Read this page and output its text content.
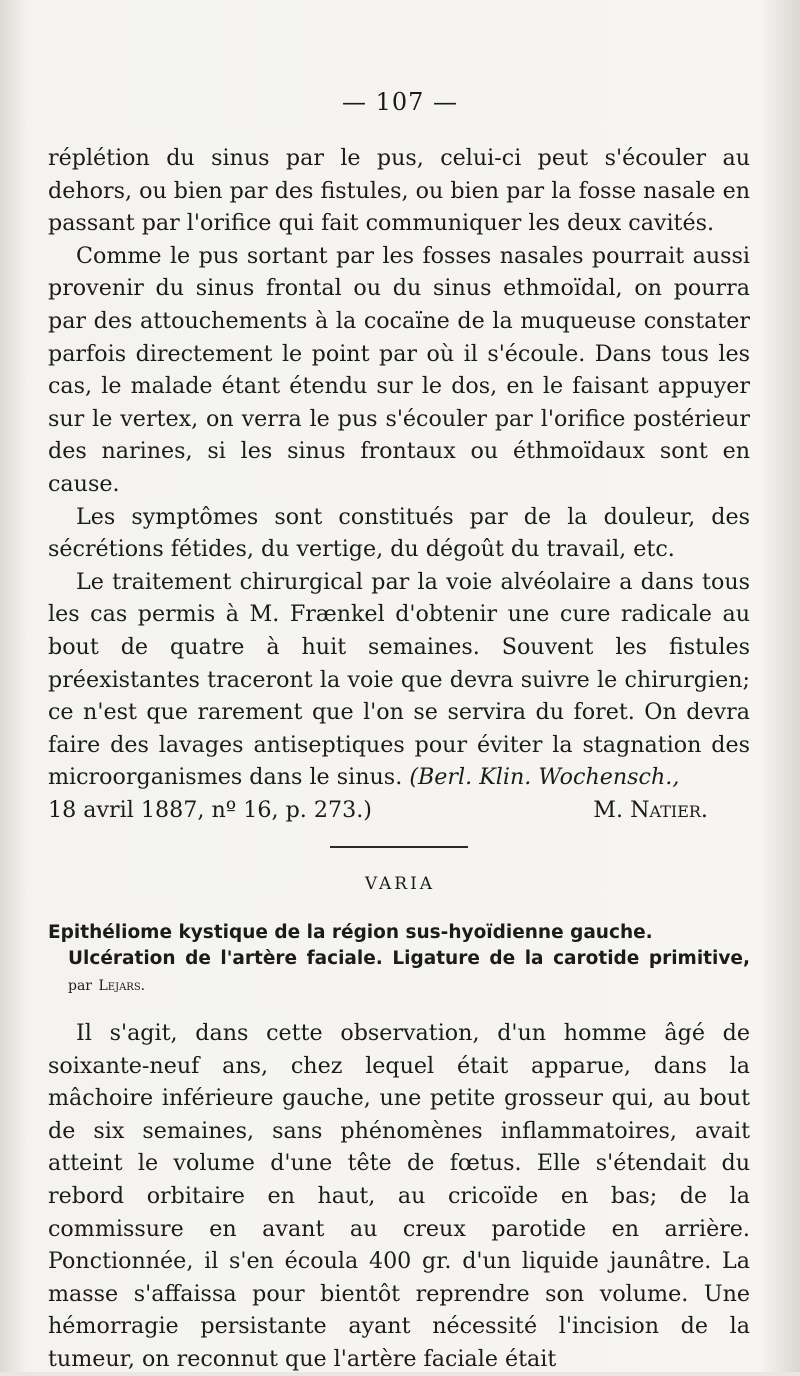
— 107 —

réplétion du sinus par le pus, celui-ci peut s'écouler au dehors, ou bien par des fistules, ou bien par la fosse nasale en passant par l'orifice qui fait communiquer les deux cavités.

Comme le pus sortant par les fosses nasales pourrait aussi provenir du sinus frontal ou du sinus ethmoïdal, on pourra par des attouchements à la cocaïne de la muqueuse constater parfois directement le point par où il s'écoule. Dans tous les cas, le malade étant étendu sur le dos, en le faisant appuyer sur le vertex, on verra le pus s'écouler par l'orifice postérieur des narines, si les sinus frontaux ou éthmoïdaux sont en cause.

Les symptômes sont constitués par de la douleur, des sécrétions fétides, du vertige, du dégoût du travail, etc.

Le traitement chirurgical par la voie alvéolaire a dans tous les cas permis à M. Frænkel d'obtenir une cure radicale au bout de quatre à huit semaines. Souvent les fistules préexistantes traceront la voie que devra suivre le chirurgien; ce n'est que rarement que l'on se servira du foret. On devra faire des lavages antiseptiques pour éviter la stagnation des microorganismes dans le sinus. (Berl. Klin. Wochensch.,

18 avril 1887, nº 16, p. 273.)	M. Natier.
VARIA
Epithéliome kystique de la région sus-hyoïdienne gauche.
Ulcération de l'artère faciale. Ligature de la carotide primitive, par Lejars.

Il s'agit, dans cette observation, d'un homme âgé de soixante-neuf ans, chez lequel était apparue, dans la mâchoire inférieure gauche, une petite grosseur qui, au bout de six semaines, sans phénomènes inflammatoires, avait atteint le volume d'une tête de fœtus. Elle s'étendait du rebord orbitaire en haut, au cricoïde en bas; de la commissure en avant au creux parotide en arrière. Ponctionnée, il s'en écoula 400 gr. d'un liquide jaunâtre. La masse s'affaissa pour bientôt reprendre son volume. Une hémorragie persistante ayant nécessité l'incision de la tumeur, on reconnut que l'artère faciale était
